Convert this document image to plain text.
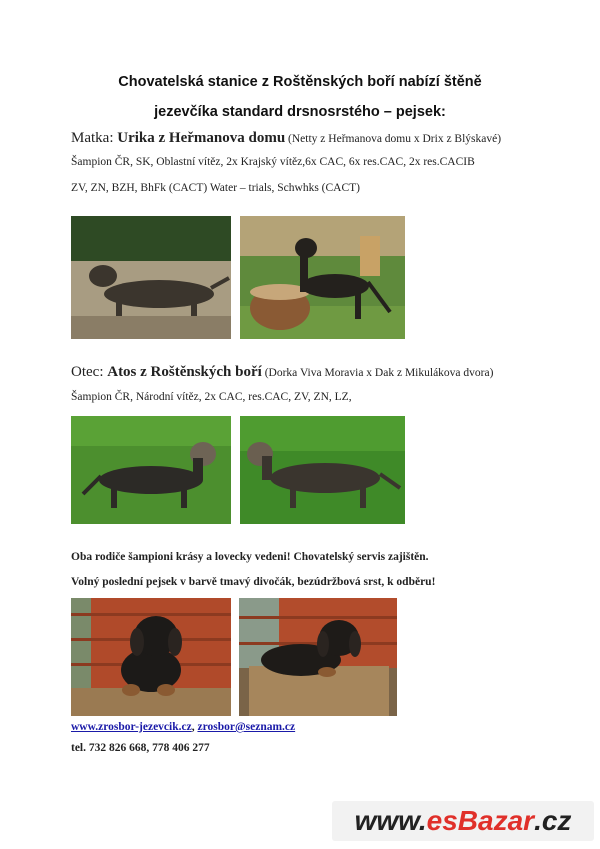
Chovatelská stanice z Roštěnských boří nabízí štěně
jezevčíka standard drsnosrstého – pejsek:
Matka: Urika z Heřmanova domu (Netty z Heřmanova domu x Drix z Blýskavé)
Šampion ČR, SK, Oblastní vítěz, 2x Krajský vítěz,6x CAC, 6x res.CAC, 2x res.CACIB
ZV, ZN, BZH, BhFk (CACT) Water – trials, Schwhks (CACT)
Otec: Atos z Roštěnských boří (Dorka Viva Moravia x Dak z Mikulákova dvora)
Šampion ČR, Národní vítěz, 2x CAC, res.CAC, ZV, ZN, LZ,
Oba rodiče šampioni krásy a lovecky vedeni! Chovatelský servis zajištěn.
Volný poslední pejsek v barvě tmavý divočák, bezúdržbová srst, k odběru!
www.zrosbor-jezevcik.cz, zrosbor@seznam.cz
tel. 732 826 668, 778 406 277
www. esBazar .cz
